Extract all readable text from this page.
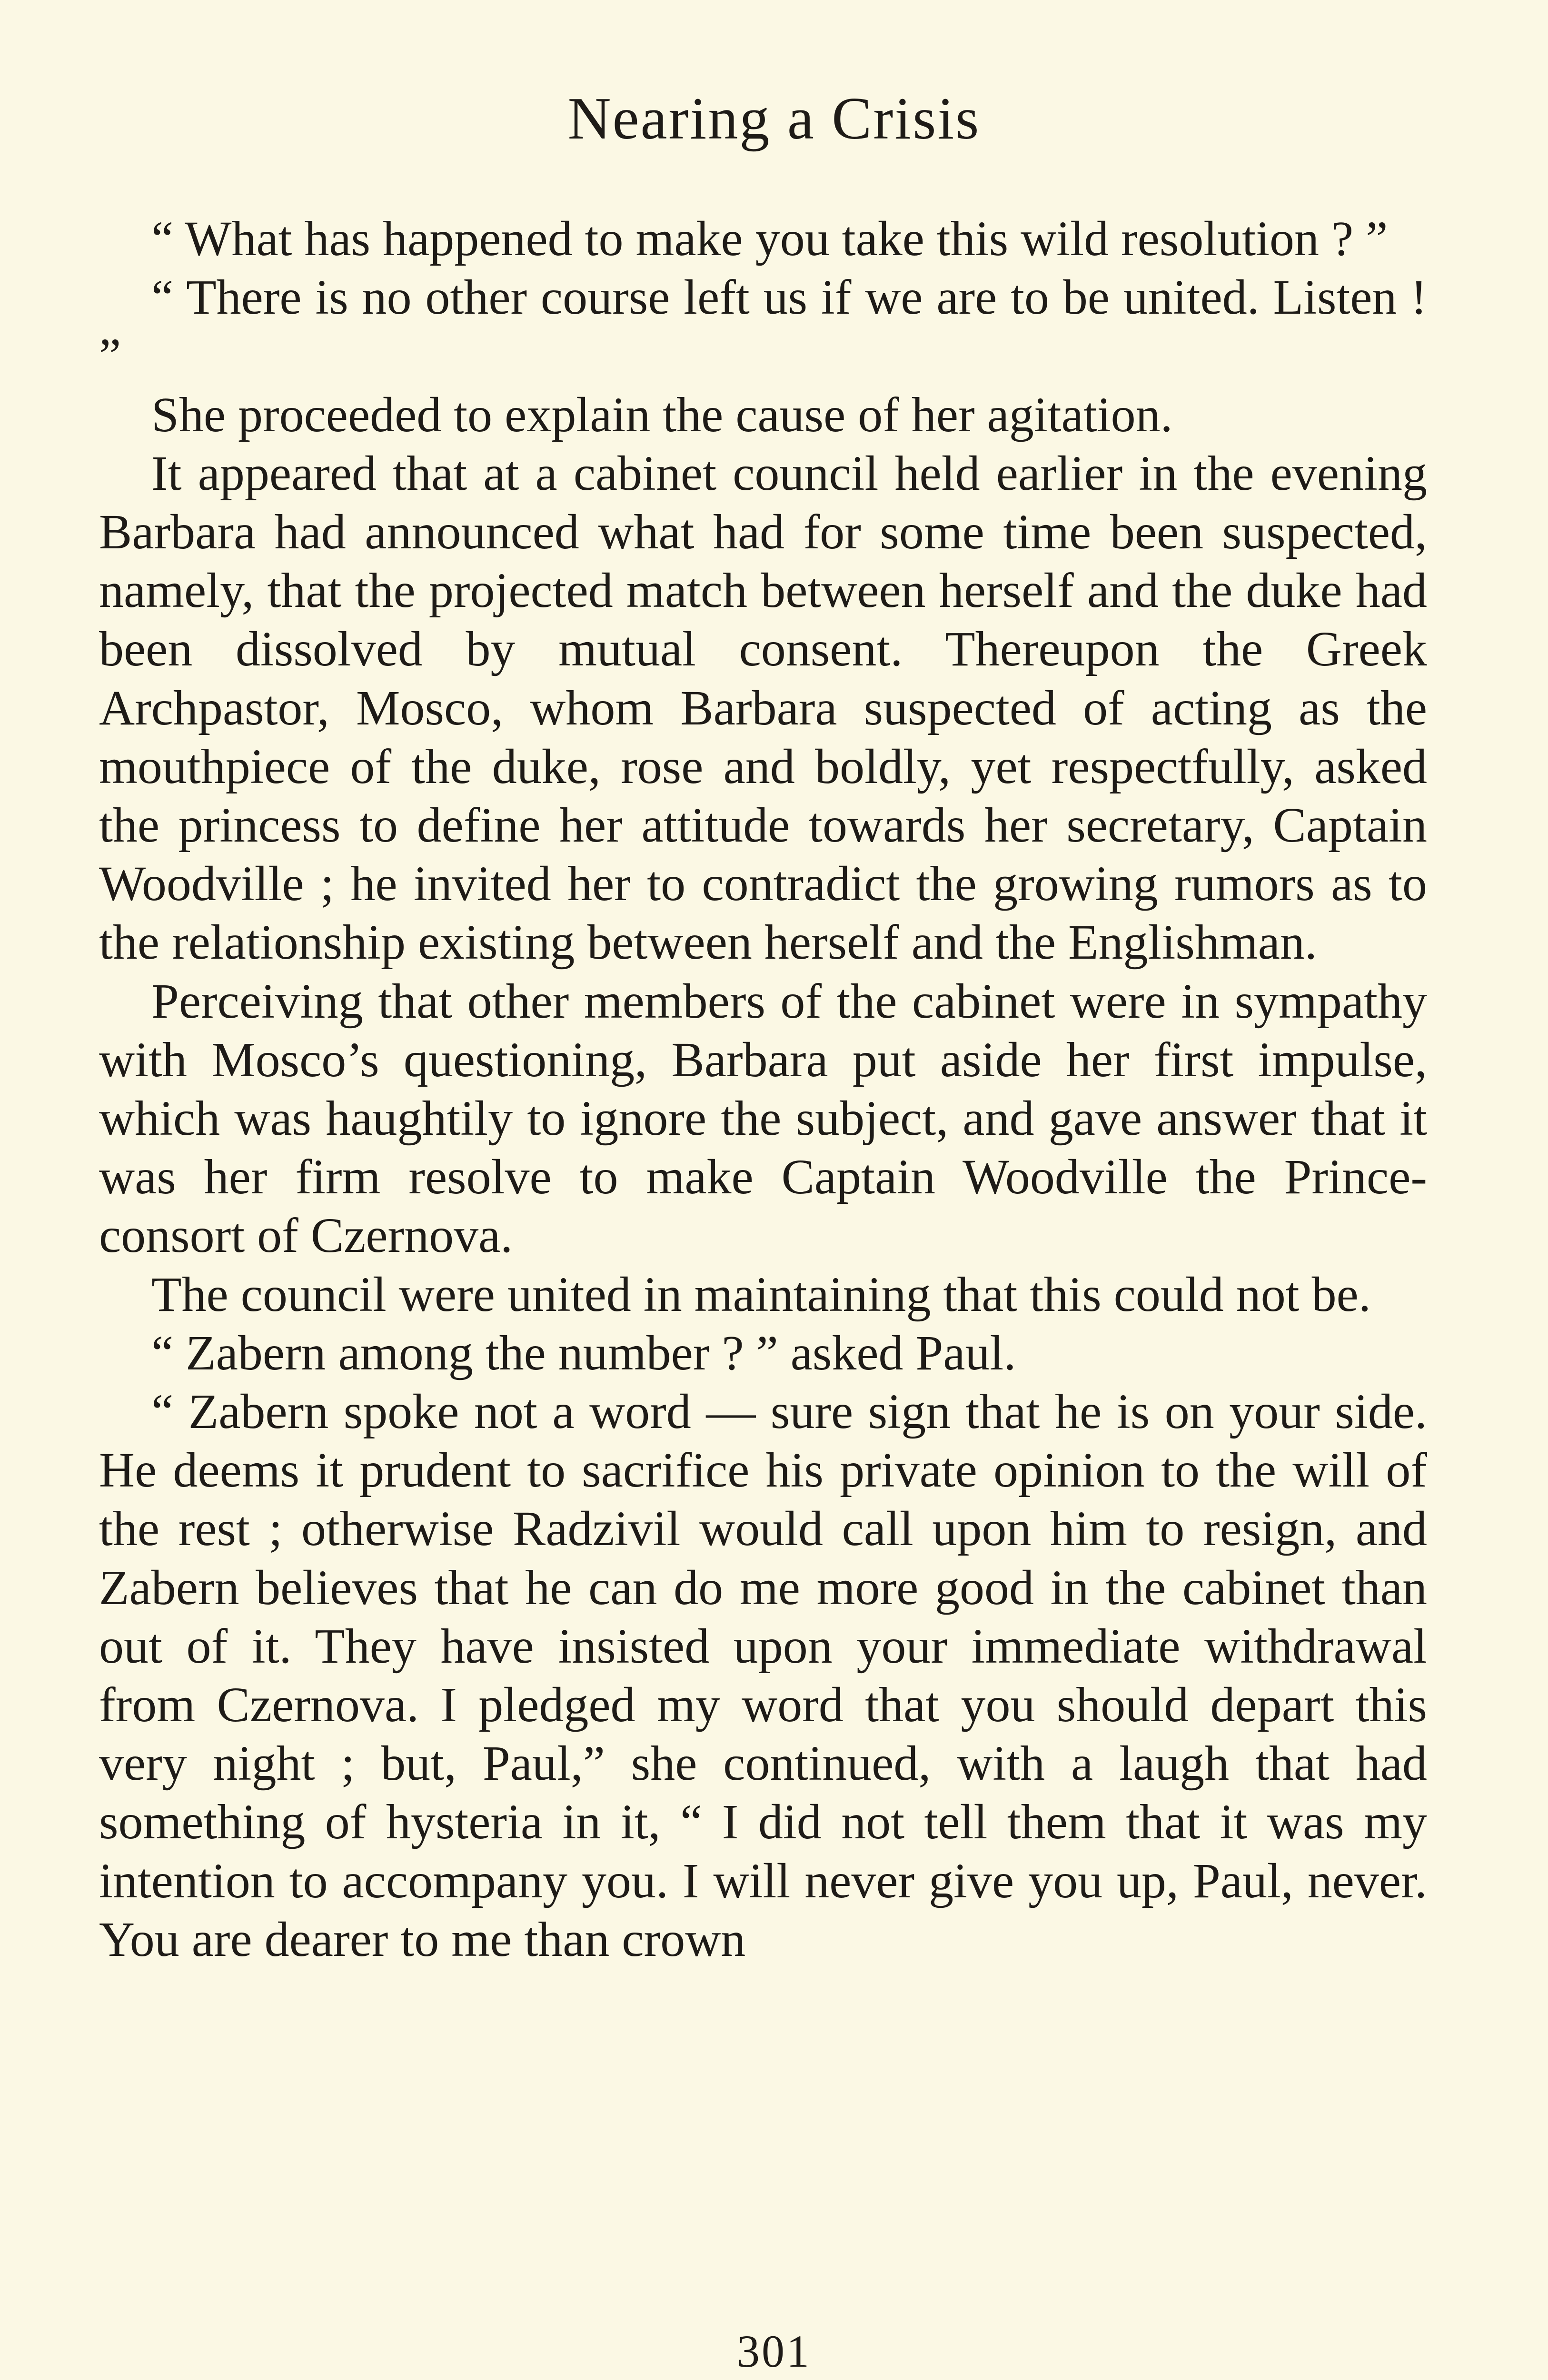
Nearing a Crisis

“ What has happened to make you take this wild resolution ? ”

“ There is no other course left us if we are to be united. Listen ! ”

She proceeded to explain the cause of her agitation.

It appeared that at a cabinet council held earlier in the evening Barbara had announced what had for some time been suspected, namely, that the projected match between herself and the duke had been dissolved by mutual consent. Thereupon the Greek Archpastor, Mosco, whom Barbara suspected of acting as the mouthpiece of the duke, rose and boldly, yet respectfully, asked the princess to define her attitude towards her secretary, Captain Woodville ; he invited her to contradict the growing rumors as to the relationship existing between herself and the Englishman.

Perceiving that other members of the cabinet were in sympathy with Mosco’s questioning, Barbara put aside her first impulse, which was haughtily to ignore the subject, and gave answer that it was her firm resolve to make Captain Woodville the Prince-consort of Czernova.

The council were united in maintaining that this could not be.

“ Zabern among the number ? ” asked Paul.

“ Zabern spoke not a word — sure sign that he is on your side. He deems it prudent to sacrifice his private opinion to the will of the rest ; otherwise Radzivil would call upon him to resign, and Zabern believes that he can do me more good in the cabinet than out of it. They have insisted upon your immediate withdrawal from Czernova. I pledged my word that you should depart this very night ; but, Paul,” she continued, with a laugh that had something of hysteria in it, “ I did not tell them that it was my intention to accompany you. I will never give you up, Paul, never. You are dearer to me than crown

301
